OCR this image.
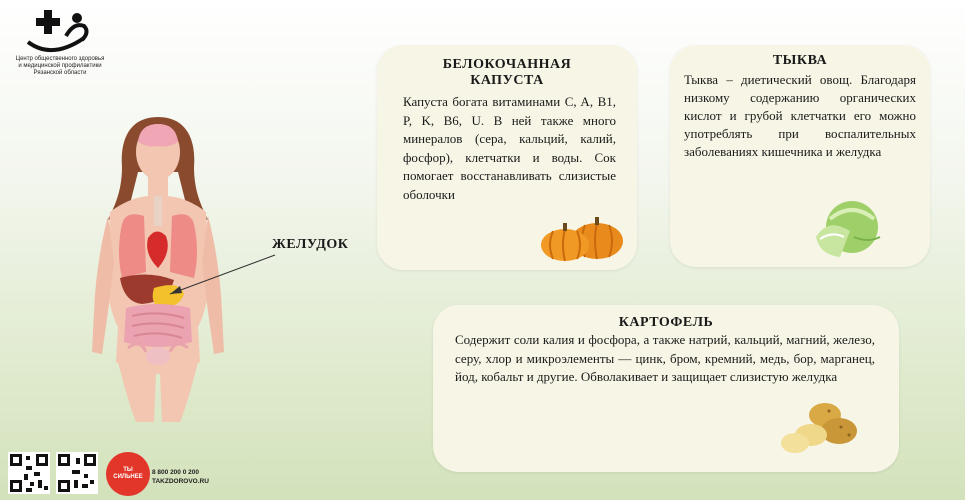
Центр общественного здоровья
и медицинской профилактики
Рязанской области
ЖЕЛУДОК
БЕЛОКОЧАННАЯ
КАПУСТА

Капуста богата витаминами C, A, B1, P, K, B6, U. В ней также много минералов (сера, кальций, калий, фосфор), клетчатки и воды. Сок помогает восстанавливать слизистые оболочки

ТЫКВА

Тыква – диетический овощ. Благодаря низкому содержанию органических кислот и грубой клетчатки его можно употреблять при воспалительных заболеваниях кишечника и желудка

КАРТОФЕЛЬ

Содержит соли калия и фосфора, а также натрий, кальций, магний, железо, серу, хлор и микроэлементы — цинк, бром, кремний, медь, бор, марганец, йод, кобальт и другие. Обволакивает и защищает слизистую желудка

ТЫ
СИЛЬНЕЕ
8 800 200 0 200
TAKZDOROVO.RU
